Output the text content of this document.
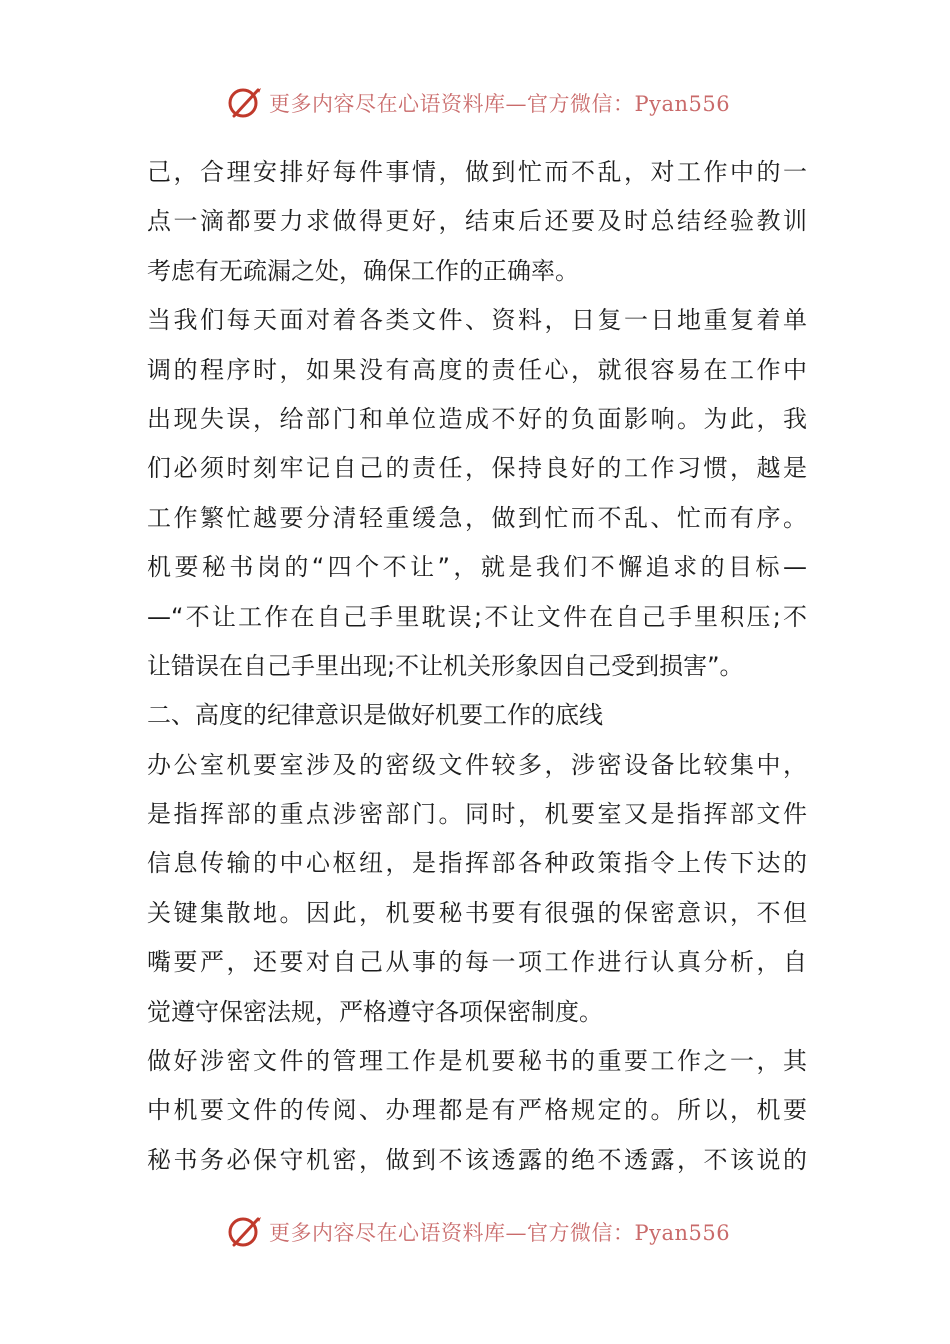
更多内容尽在心语资料库—官方微信：Pyan556
己，合理安排好每件事情，做到忙而不乱，对工作中的一
点一滴都要力求做得更好，结束后还要及时总结经验教训
考虑有无疏漏之处，确保工作的正确率。
当我们每天面对着各类文件、资料，日复一日地重复着单
调的程序时，如果没有高度的责任心，就很容易在工作中
出现失误，给部门和单位造成不好的负面影响。为此，我
们必须时刻牢记自己的责任，保持良好的工作习惯，越是
工作繁忙越要分清轻重缓急，做到忙而不乱、忙而有序。
机要秘书岗的“四个不让”，就是我们不懈追求的目标—
—“不让工作在自己手里耽误;不让文件在自己手里积压;不
让错误在自己手里出现;不让机关形象因自己受到损害”。
二、高度的纪律意识是做好机要工作的底线
办公室机要室涉及的密级文件较多，涉密设备比较集中，
是指挥部的重点涉密部门。同时，机要室又是指挥部文件
信息传输的中心枢纽，是指挥部各种政策指令上传下达的
关键集散地。因此，机要秘书要有很强的保密意识，不但
嘴要严，还要对自己从事的每一项工作进行认真分析，自
觉遵守保密法规，严格遵守各项保密制度。
做好涉密文件的管理工作是机要秘书的重要工作之一，其
中机要文件的传阅、办理都是有严格规定的。所以，机要
秘书务必保守机密，做到不该透露的绝不透露，不该说的
更多内容尽在心语资料库—官方微信：Pyan556
